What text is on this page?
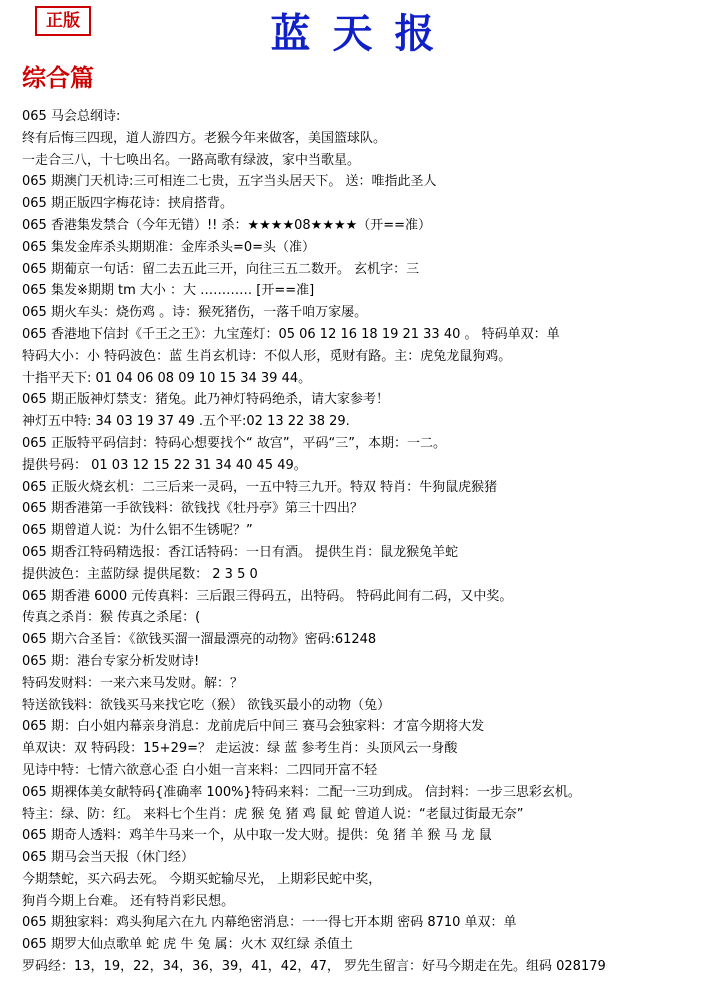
正版	蓝天报
综合篇
065 马会总纲诗:
终有后悔三四现，道人游四方。老猴今年来做客，美国篮球队。
一走合三八，十七唤出名。一路高歌有绿波，家中当歌星。
065 期澳门天机诗:三可相连二七贵，五字当头居天下。 送：唯指此圣人
065 期正版四字梅花诗：挟肩搭背。
065 香港集发禁合（今年无错）!! 杀：★★★★08★★★★（开==准）
065 集发金库杀头期期准：金库杀头=0=头（准）
065 期葡京一句话：留二去五此三开，向往三五二数开。 玄机字：三
065 集发※期期 tm 大小 ：大 ………… [开==准]
065 期火车头：烧伤鸡 。诗：猴死猪伤，一落千咱万家屡。
065 香港地下信封《千王之王》：九宝莲灯：05 06 12 16 18 19 21 33 40 。 特码单双：单
特码大小：小 特码波色：蓝 生肖玄机诗：不似人形，觅财有路。主：虎兔龙鼠狗鸡。
十指平天下: 01 04 06 08 09 10 15 34 39 44。
065 期正版神灯禁支：猪兔。此乃神灯特码绝杀，请大家参考！
神灯五中特: 34 03 19 37 49 .五个平:02 13 22 38 29.
065 正版特平码信封：特码心想要找个“ 故宫”，平码“三”，本期：一二。
提供号码： 01 03 12 15 22 31 34 40 45 49。
065 正版火烧玄机：二三后来一灵码，一五中特三九开。特双 特肖：牛狗鼠虎猴猪
065 期香港第一手欲钱料：欲钱找《牡丹亭》第三十四出？
065 期曾道人说：为什么铝不生锈呢？”
065 期香江特码精选报：香江话特码：一日有酒。 提供生肖：鼠龙猴兔羊蛇
提供波色：主蓝防绿 提供尾数： 2 3 5 0
065 期香港 6000 元传真料：三后跟三得码五，出特码。 特码此间有二码，又中奖。
传真之杀肖：猴 传真之杀尾：(
065 期六合圣旨：《欲钱买溜一溜最漂亮的动物》密码:61248
065 期：港台专家分析发财诗!
特码发财料：一来六来马发财。解：？
特送欲钱料：欲钱买马来找它吃（猴） 欲钱买最小的动物（兔）
065 期：白小姐内幕亲身消息：龙前虎后中间三 赛马会独家料：才富今期将大发
单双诀：双 特码段：15+29=？ 走运波：绿 蓝 参考生肖：头顶风云一身酸
见诗中特：七情六欲意心歪 白小姐一言来料：二四同开富不轻
065 期裸体美女献特码{准确率 100%}特码来料：二配一三功到成。 信封料：一步三思彩玄机。
特主：绿、防：红。 来料七个生肖：虎 猴 兔 猪 鸡 鼠 蛇 曾道人说：“老鼠过街最无奈”
065 期奇人透料：鸡羊牛马来一个，从中取一发大财。提供：兔 猪 羊 猴 马 龙 鼠
065 期马会当天报（休门经）
今期禁蛇，买六码去死。 今期买蛇输尽光， 上期彩民蛇中奖，
狗肖今期上台难。 还有特肖彩民想。
065 期独家料：鸡头狗尾六在九 内幕绝密消息：一一得七开本期 密码 8710 单双：单
065 期罗大仙点歌单 蛇 虎 牛 兔 属：火木 双红绿 杀值土
罗码经：13，19，22，34，36，39，41，42，47， 罗先生留言：好马今期走在先。组码 028179
